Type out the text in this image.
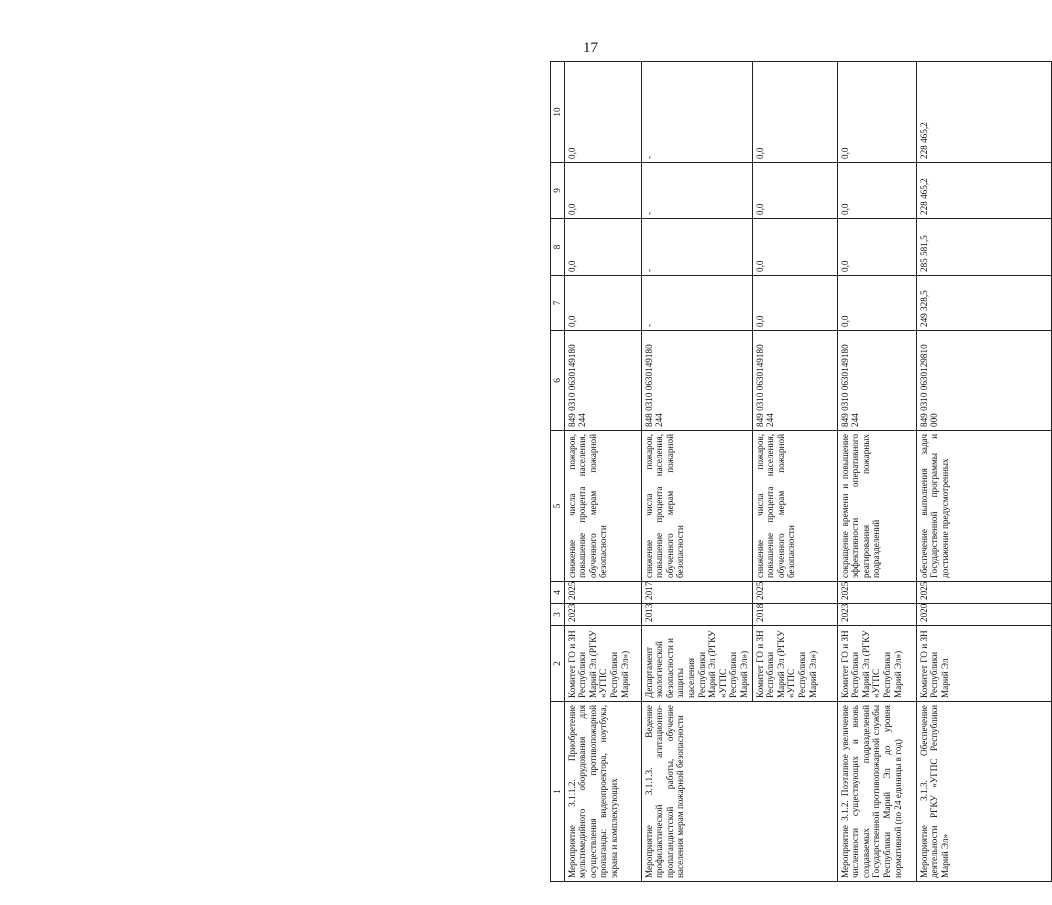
17
1	2	3	4	5	6	7	8	9	10
Мероприятие 3.1.1.2. Приобретение мультимедийного оборудования для осуществления противопожарной пропаганды: видеопроектора, ноутбука, экрана и комплектующих	Комитет ГО и ЗН Республики Марий Эл (РГКУ «УГПС Республики Марий Эл»)	2023	2025	снижение числа пожаров, повышение процента населения, обученного мерам пожарной безопасности	849 0310 0630149180 244	0,0	0,0	0,0	0,0
Мероприятие 3.1.1.3. Ведение профилактической агитационно-пропагандистской работы, обучение населения мерам пожарной безопасности	Департамент экологической безопасности и защиты населения Республики Марий Эл (РГКУ «УГПС Республики Марий Эл»)	2013	2017	снижение числа пожаров, повышение процента населения, обученного мерам пожарной безопасности	848 0310 0630149180 244	-	-	-	-
	Комитет ГО и ЗН Республики Марий Эл (РГКУ «УГПС Республики Марий Эл»)	2018	2025	снижение числа пожаров, повышение процента населения, обученного мерам пожарной безопасности	849 0310 0630149180 244	0,0	0,0	0,0	0,0
Мероприятие 3.1.2. Поэтапное увеличение численности существующих и вновь создаваемых подразделений Государственной противопожарной службы Республики Марий Эл до уровня нормативной (по 24 единицы в год)	Комитет ГО и ЗН Республики Марий Эл (РГКУ «УГПС Республики Марий Эл»)	2023	2025	сокращение времени и повышение эффективности оперативного реагирования пожарных подразделений	849 0310 0630149180 244	0,0	0,0	0,0	0,0
Мероприятие 3.1.3. Обеспечение деятельности РГКУ «УГПС Республики Марий Эл»	Комитет ГО и ЗН Республики Марий Эл	2020	2025	обеспечение выполнения задач Государственной программы и достижение предусмотренных	849 0310 0630129810 000	249 328,5	285 581,5	228 465,2	228 465,2
